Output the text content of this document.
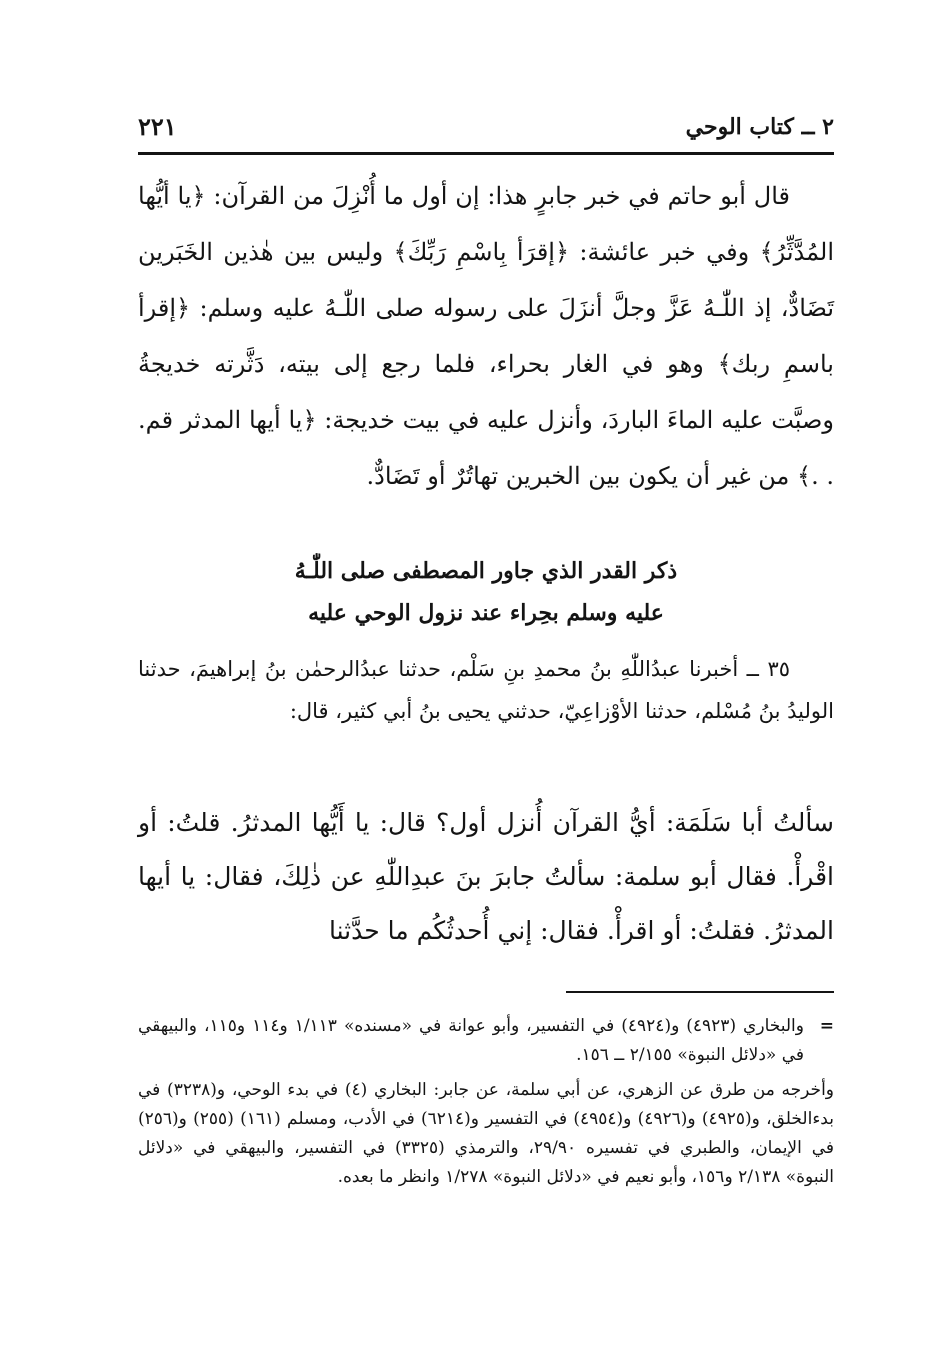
٢ ــ كتاب الوحي
٢٢١

قال أبو حاتم في خبر جابرٍ هذا: إن أول ما أُنْزِلَ من القرآن: ﴿يا أيُّها المُدَّثِّرُ﴾ وفي خبر عائشة: ﴿إقرَأ بِاسْمِ رَبِّكَ﴾ وليس بين هٰذين الخَبَرين تَضَادٌّ، إذ اللّٰـهُ عَزَّ وجلَّ أنزَلَ على رسوله صلى اللّٰـهُ عليه وسلم: ﴿إقرأ باسمِ ربك﴾ وهو في الغار بحراء، فلما رجع إلى بيته، دَثَّرته خديجةُ وصبَّت عليه الماءَ الباردَ، وأنزل عليه في بيت خديجة: ﴿يا أيها المدثر قم. . .﴾ من غير أن يكون بين الخبرين تهاتُرٌ أو تَضَادٌّ.

ذكر القدر الذي جاور المصطفى صلى اللّٰـهُ
عليه وسلم بحِراء عند نزول الوحي عليه

٣٥ ــ أخبرنا عبدُاللّٰهِ بنُ محمدِ بنِ سَلْم، حدثنا عبدُالرحمٰن بنُ إبراهيمَ، حدثنا الوليدُ بنُ مُسْلم، حدثنا الأوْزاعِيّ، حدثني يحيى بنُ أبي كثير، قال:

سألتُ أبا سَلَمَة: أيُّ القرآن أُنزل أول؟ قال: يا أَيُّها المدثرُ. قلتُ: أو اقْرأْ. فقال أبو سلمة: سألتُ جابرَ بنَ عبدِاللّٰهِ عن ذٰلِكَ، فقال: يا أيها المدثرُ. فقلتُ: أو اقرأْ. فقال: إني أُحدثُكُم ما حدَّثنا

=
والبخاري (٤٩٢٣) و(٤٩٢٤) في التفسير، وأبو عوانة في «مسنده» ١/١١٣ و١١٤ و١١٥، والبيهقي في «دلائل النبوة» ٢/١٥٥ ــ ١٥٦.

وأخرجه من طرق عن الزهري، عن أبي سلمة، عن جابر: البخاري (٤) في بدء الوحي، و(٣٢٣٨) في بدءالخلق، و(٤٩٢٥) و(٤٩٢٦) و(٤٩٥٤) في التفسير و(٦٢١٤) في الأدب، ومسلم (١٦١) (٢٥٥) و(٢٥٦) في الإيمان، والطبري في تفسيره ٢٩/٩٠، والترمذي (٣٣٢٥) في التفسير، والبيهقي في «دلائل النبوة» ٢/١٣٨ و١٥٦، وأبو نعيم في «دلائل النبوة» ١/٢٧٨ وانظر ما بعده.
